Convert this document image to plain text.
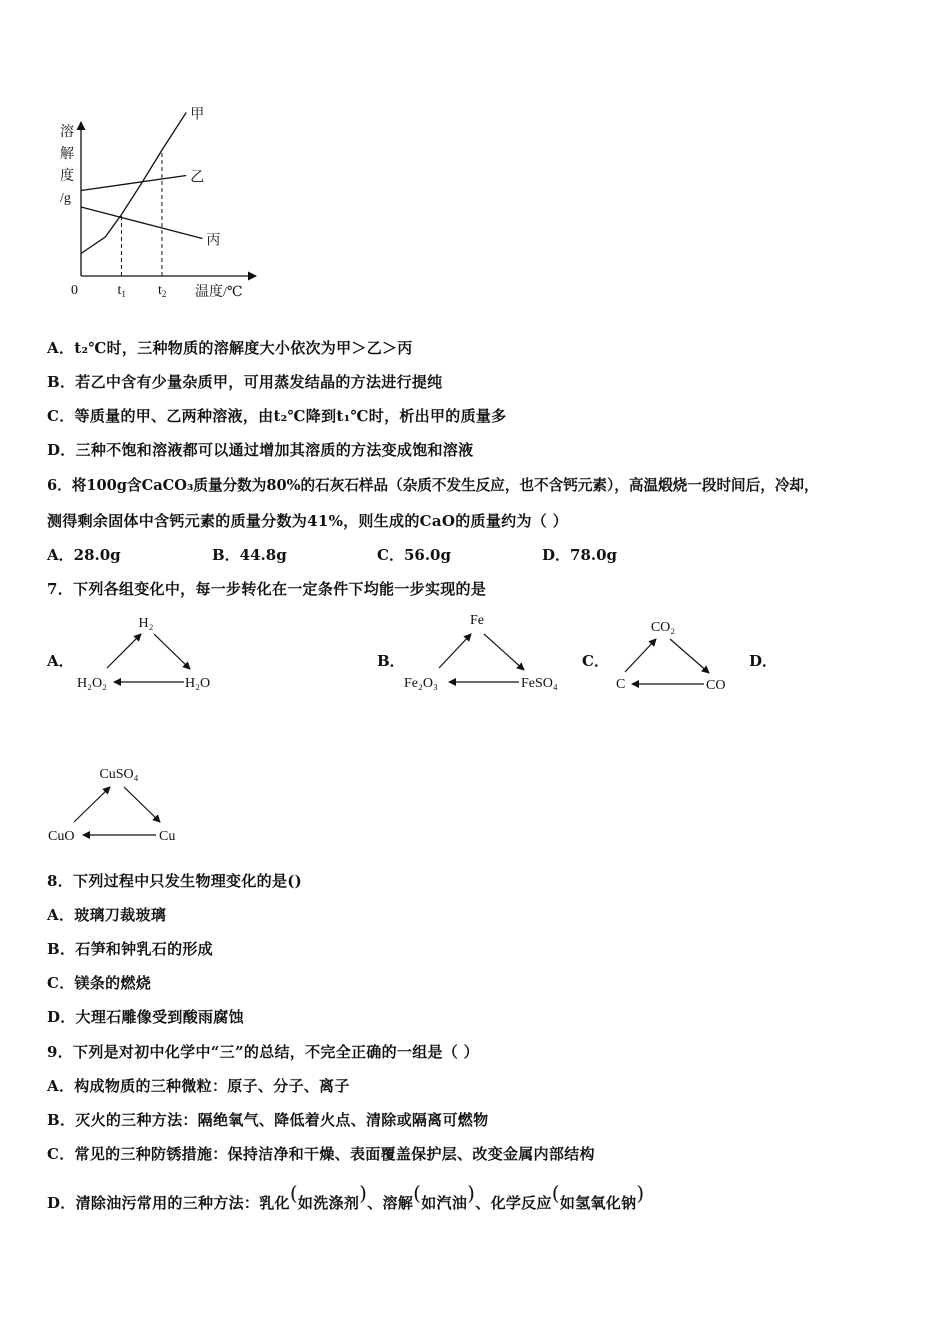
甲
乙
丙
溶
解
度
/g
0	$t_1$ $t_2$ 温度/℃
A．t₂℃时，三种物质的溶解度大小依次为甲＞乙＞丙
B．若乙中含有少量杂质甲，可用蒸发结晶的方法进行提纯
C．等质量的甲、乙两种溶液，由t₂℃降到t₁℃时，析出甲的质量多
D．三种不饱和溶液都可以通过增加其溶质的方法变成饱和溶液
6．将100g含CaCO₃质量分数为80%的石灰石样品（杂质不发生反应，也不含钙元素），高温煅烧一段时间后，冷却，
测得剩余固体中含钙元素的质量分数为41%，则生成的CaO的质量约为（ ）
A．28.0g	B．44.8g	C．56.0g	D．78.0g
7．下列各组变化中，每一步转化在一定条件下均能一步实现的是
A．	B．	C．	D．
H₂
H₂O₂	H₂O
Fe
Fe₂O₃	FeSO₄
CO₂
C	CO
CuSO₄
CuO	Cu
8．下列过程中只发生物理变化的是()
A．玻璃刀裁玻璃
B．石笋和钟乳石的形成
C．镁条的燃烧
D．大理石雕像受到酸雨腐蚀
9．下列是对初中化学中“三”的总结，不完全正确的一组是（ ）
A．构成物质的三种微粒：原子、分子、离子
B．灭火的三种方法：隔绝氧气、降低着火点、清除或隔离可燃物
C．常见的三种防锈措施：保持洁净和干燥、表面覆盖保护层、改变金属内部结构
D．清除油污常用的三种方法：乳化(如洗涤剂)、溶解(如汽油)、化学反应(如氢氧化钠)
